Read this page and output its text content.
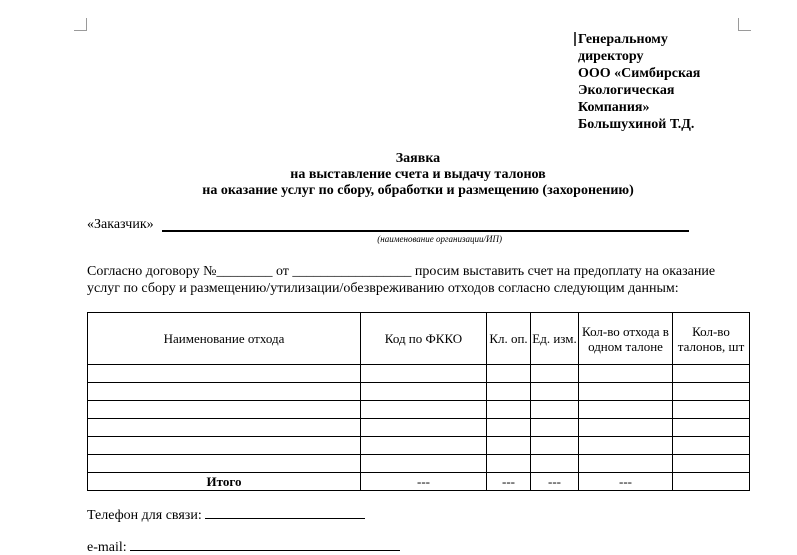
Генеральному
директору
ООО «Симбирская
Экологическая
Компания»
Большухиной Т.Д.
Заявка
на выставление счета и выдачу талонов
на оказание услуг по сбору, обработки и размещению (захоронению)
«Заказчик»
(наименование организации/ИП)
Согласно договору №________ от _________________ просим выставить счет на предоплату на оказание
услуг по сбору и размещению/утилизации/обезвреживанию отходов согласно следующим данным:
Наименование отхода	Код по ФККО	Кл. оп.	Ед. изм.	Кол-во отхода в одном талоне	Кол-во талонов, шт

Итого	---	---	---	---	
Телефон для связи:
e-mail:
